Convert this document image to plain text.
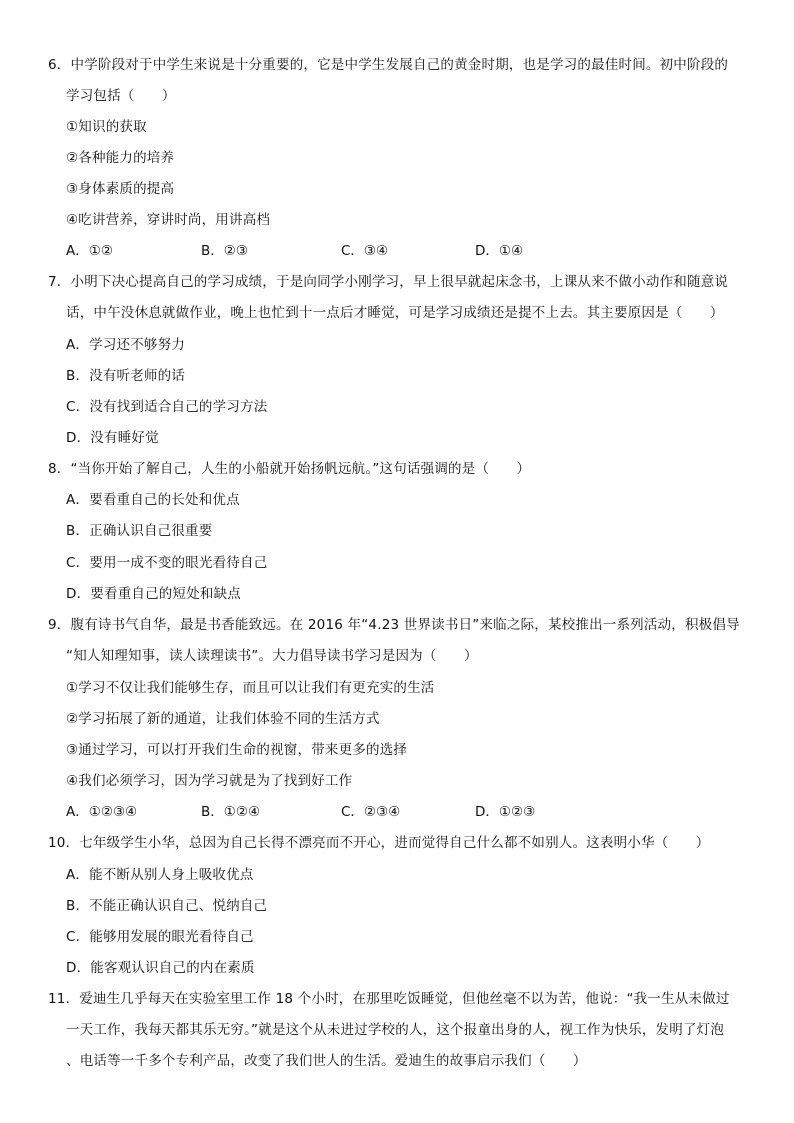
6．中学阶段对于中学生来说是十分重要的，它是中学生发展自己的黄金时期，也是学习的最佳时间。初中阶段的
学习包括（　　）
①知识的获取
②各种能力的培养
③身体素质的提高
④吃讲营养，穿讲时尚，用讲高档
A．①②	B．②③	C．③④	D．①④
7．小明下决心提高自己的学习成绩，于是向同学小刚学习，早上很早就起床念书，上课从来不做小动作和随意说
话，中午没休息就做作业，晚上也忙到十一点后才睡觉，可是学习成绩还是提不上去。其主要原因是（　　）
A．学习还不够努力
B．没有听老师的话
C．没有找到适合自己的学习方法
D．没有睡好觉
8．“当你开始了解自己，人生的小船就开始扬帆远航。”这句话强调的是（　　）
A．要看重自己的长处和优点
B．正确认识自己很重要
C．要用一成不变的眼光看待自己
D．要看重自己的短处和缺点
9．腹有诗书气自华，最是书香能致远。在 2016 年“4.23 世界读书日”来临之际，某校推出一系列活动，积极倡导
“知人知理知事，读人读理读书”。大力倡导读书学习是因为（　　）
①学习不仅让我们能够生存，而且可以让我们有更充实的生活
②学习拓展了新的通道，让我们体验不同的生活方式
③通过学习，可以打开我们生命的视窗，带来更多的选择
④我们必须学习，因为学习就是为了找到好工作
A．①②③④	B．①②④	C．②③④	D．①②③
10．七年级学生小华，总因为自己长得不漂亮而不开心，进而觉得自己什么都不如别人。这表明小华（　　）
A．能不断从别人身上吸收优点
B．不能正确认识自己、悦纳自己
C．能够用发展的眼光看待自己
D．能客观认识自己的内在素质
11．爱迪生几乎每天在实验室里工作 18 个小时，在那里吃饭睡觉，但他丝毫不以为苦，他说：“我一生从未做过
一天工作，我每天都其乐无穷。”就是这个从未进过学校的人，这个报童出身的人，视工作为快乐，发明了灯泡
、电话等一千多个专利产品，改变了我们世人的生活。爱迪生的故事启示我们（　　）
